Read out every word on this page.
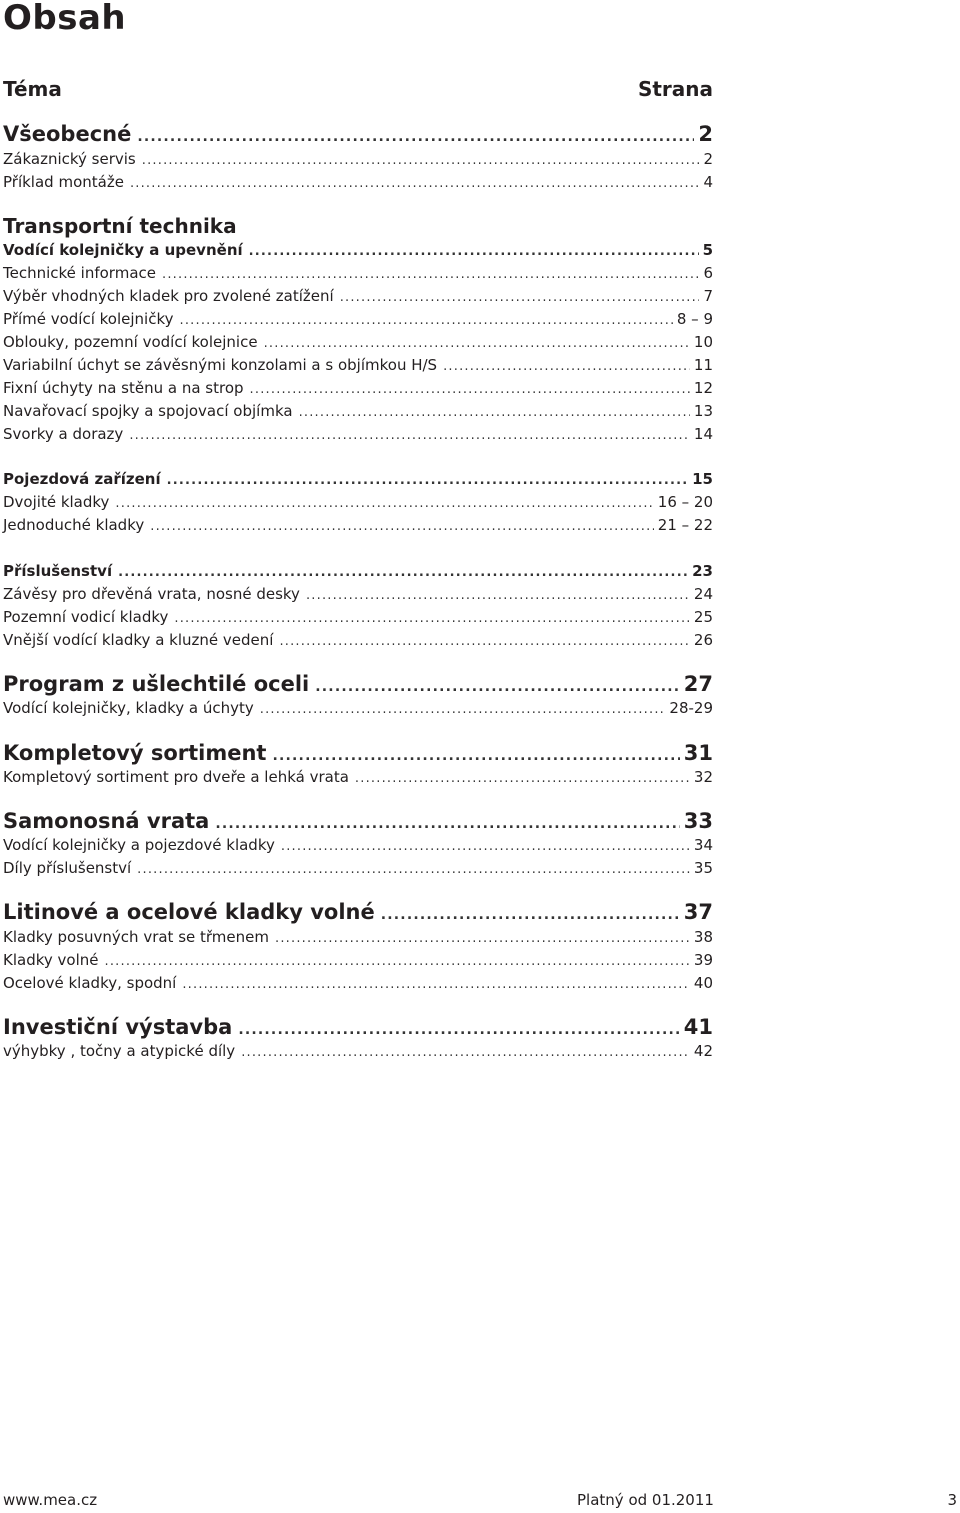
Obsah
Téma	Strana
Všeobecné .....	2
Zákaznický servis .....	2
Příklad montáže .....	4
Transportní technika
Vodící kolejničky a upevnění .....	5
Technické informace .....	6
Výběr vhodných kladek pro zvolené zatížení .....	7
Přímé vodící kolejničky .....	8 – 9
Oblouky, pozemní vodící kolejnice .....	10
Variabilní úchyt se závěsnými konzolami a s objímkou H/S .....	11
Fixní úchyty na stěnu a na strop .....	12
Navařovací spojky a spojovací objímka .....	13
Svorky a dorazy .....	14
Pojezdová zařízení .....	15
Dvojité kladky .....	16 – 20
Jednoduché kladky .....	21 – 22
Příslušenství .....	23
Závěsy pro dřevěná vrata, nosné desky .....	24
Pozemní vodicí kladky .....	25
Vnější vodící kladky a kluzné vedení .....	26
Program z ušlechtilé oceli .....	27
Vodící kolejničky, kladky a úchyty .....	28-29
Kompletový sortiment .....	31
Kompletový sortiment pro dveře a lehká vrata .....	32
Samonosná vrata .....	33
Vodící kolejničky a pojezdové kladky .....	34
Díly příslušenství .....	35
Litinové a ocelové kladky volné .....	37
Kladky posuvných vrat se třmenem .....	38
Kladky volné .....	39
Ocelové kladky, spodní .....	40
Investiční výstavba .....	41
výhybky , točny a atypické díly .....	42
www.mea.cz	Platný od 01.2011	3
